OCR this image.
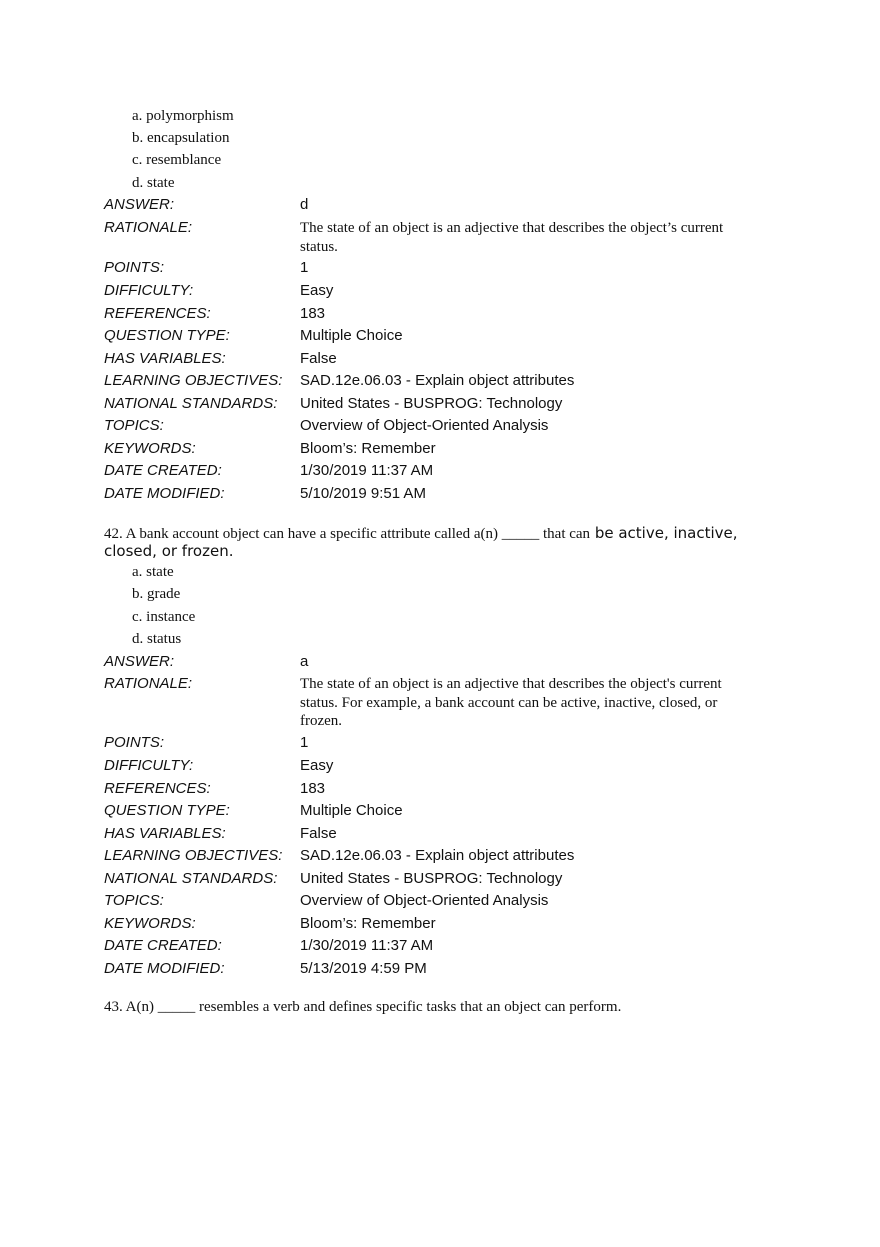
a. polymorphism
b. encapsulation
c. resemblance
d. state
ANSWER:	d
RATIONALE:	The state of an object is an adjective that describes the object’s current status.
POINTS:	1
DIFFICULTY:	Easy
REFERENCES:	183
QUESTION TYPE:	Multiple Choice
HAS VARIABLES:	False
LEARNING OBJECTIVES: SAD.12e.06.03 - Explain object attributes
NATIONAL STANDARDS: United States - BUSPROG: Technology
TOPICS:	Overview of Object-Oriented Analysis
KEYWORDS:	Bloom’s: Remember
DATE CREATED:	1/30/2019 11:37 AM
DATE MODIFIED:	5/10/2019 9:51 AM
42. A bank account object can have a specific attribute called a(n) _____ that can be active, inactive,
closed, or frozen.
a. state
b. grade
c. instance
d. status
ANSWER:	a
RATIONALE:	The state of an object is an adjective that describes the object's current status. For example, a bank account can be active, inactive, closed, or frozen.
POINTS:	1
DIFFICULTY:	Easy
REFERENCES:	183
QUESTION TYPE:	Multiple Choice
HAS VARIABLES:	False
LEARNING OBJECTIVES: SAD.12e.06.03 - Explain object attributes
NATIONAL STANDARDS: United States - BUSPROG: Technology
TOPICS:	Overview of Object-Oriented Analysis
KEYWORDS:	Bloom’s: Remember
DATE CREATED:	1/30/2019 11:37 AM
DATE MODIFIED:	5/13/2019 4:59 PM
43. A(n) _____ resembles a verb and defines specific tasks that an object can perform.
